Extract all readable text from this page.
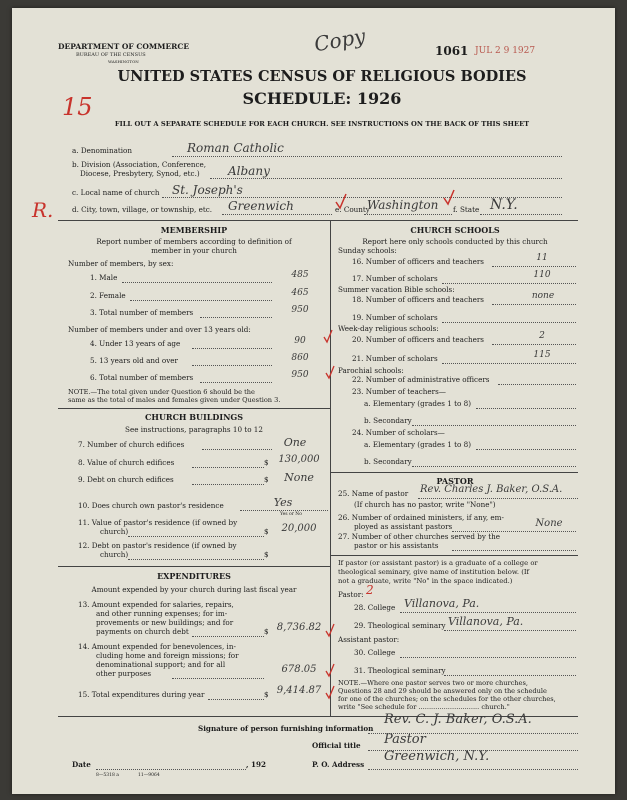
DEPARTMENT OF COMMERCE
BUREAU OF THE CENSUS
WASHINGTON
Copy	1061 JUL 2 9 1927
15
UNITED STATES CENSUS OF RELIGIOUS BODIES
SCHEDULE: 1926
FILL OUT A SEPARATE SCHEDULE FOR EACH CHURCH. SEE INSTRUCTIONS ON THE BACK OF THIS SHEET
a. Denomination	Roman Catholic
b. Division (Association, Conference,
Diocese, Presbytery, Synod, etc.) Albany
c. Local name of church St. Joseph's
R.	d. City, town, village, or township, etc. Greenwich	e. County
Washington f. State N.Y.
MEMBERSHIP
Report number of members according to definition of
member in your church
Number of members, by sex:
1. Male	485
2. Female	465
3. Total number of members	950
Number of members under and over 13 years old:
4. Under 13 years of age	90
5. 13 years old and over	860
6. Total number of members	950
NOTE.—The total given under Question 6 should be the
same as the total of males and females given under Question 3.
CHURCH BUILDINGS
See instructions, paragraphs 10 to 12
7. Number of church edifices	One
8. Value of church edifices	$ 130,000
9. Debt on church edifices	$	None
10. Does church own pastor's residence	Yes
Yes or No
11. Value of pastor's residence (if owned by
church)	$	20,000
12. Debt on pastor's residence (if owned by
church)	$
EXPENDITURES
Amount expended by your church during last fiscal year
13. Amount expended for salaries, repairs,
and other running expenses; for im-
provements or new buildings; and for
payments on church debt	$ 8,736.82
14. Amount expended for benevolences, in-
cluding home and foreign missions; for
denominational support; and for all
other purposes	678.05
15. Total expenditures during year	$ 9,414.87
CHURCH SCHOOLS
Report here only schools conducted by this church
Sunday schools:
16. Number of officers and teachers	11
17. Number of scholars	110
Summer vacation Bible schools:
18. Number of officers and teachers	none
19. Number of scholars
Week-day religious schools:
20. Number of officers and teachers	2
21. Number of scholars	115
Parochial schools:
22. Number of administrative officers
23. Number of teachers—
a. Elementary (grades 1 to 8)
b. Secondary
24. Number of scholars—
a. Elementary (grades 1 to 8)
b. Secondary
PASTOR
25. Name of pastor Rev. Charles J. Baker, O.S.A.
(If church has no pastor, write "None")
26. Number of ordained ministers, if any, em-
ployed as assistant pastors	None
27. Number of other churches served by the
pastor or his assistants
If pastor (or assistant pastor) is a graduate of a college or
theological seminary, give name of institution below. (If
not a graduate, write "No" in the space indicated.)
Pastor: 2
28. College Villanova, Pa.
29. Theological seminary Villanova, Pa.
Assistant pastor:
30. College
31. Theological seminary
NOTE.—Where one pastor serves two or more churches,
Questions 28 and 29 should be answered only on the schedule
for one of the churches; on the schedules for the other churches,
write "See schedule for ............................. church."
Signature of person furnishing information
Rev. C. J. Baker, O.S.A.
Official title Pastor
Date	, 192	P. O. Address
Greenwich, N.Y.
8—5318 a	11—9064
